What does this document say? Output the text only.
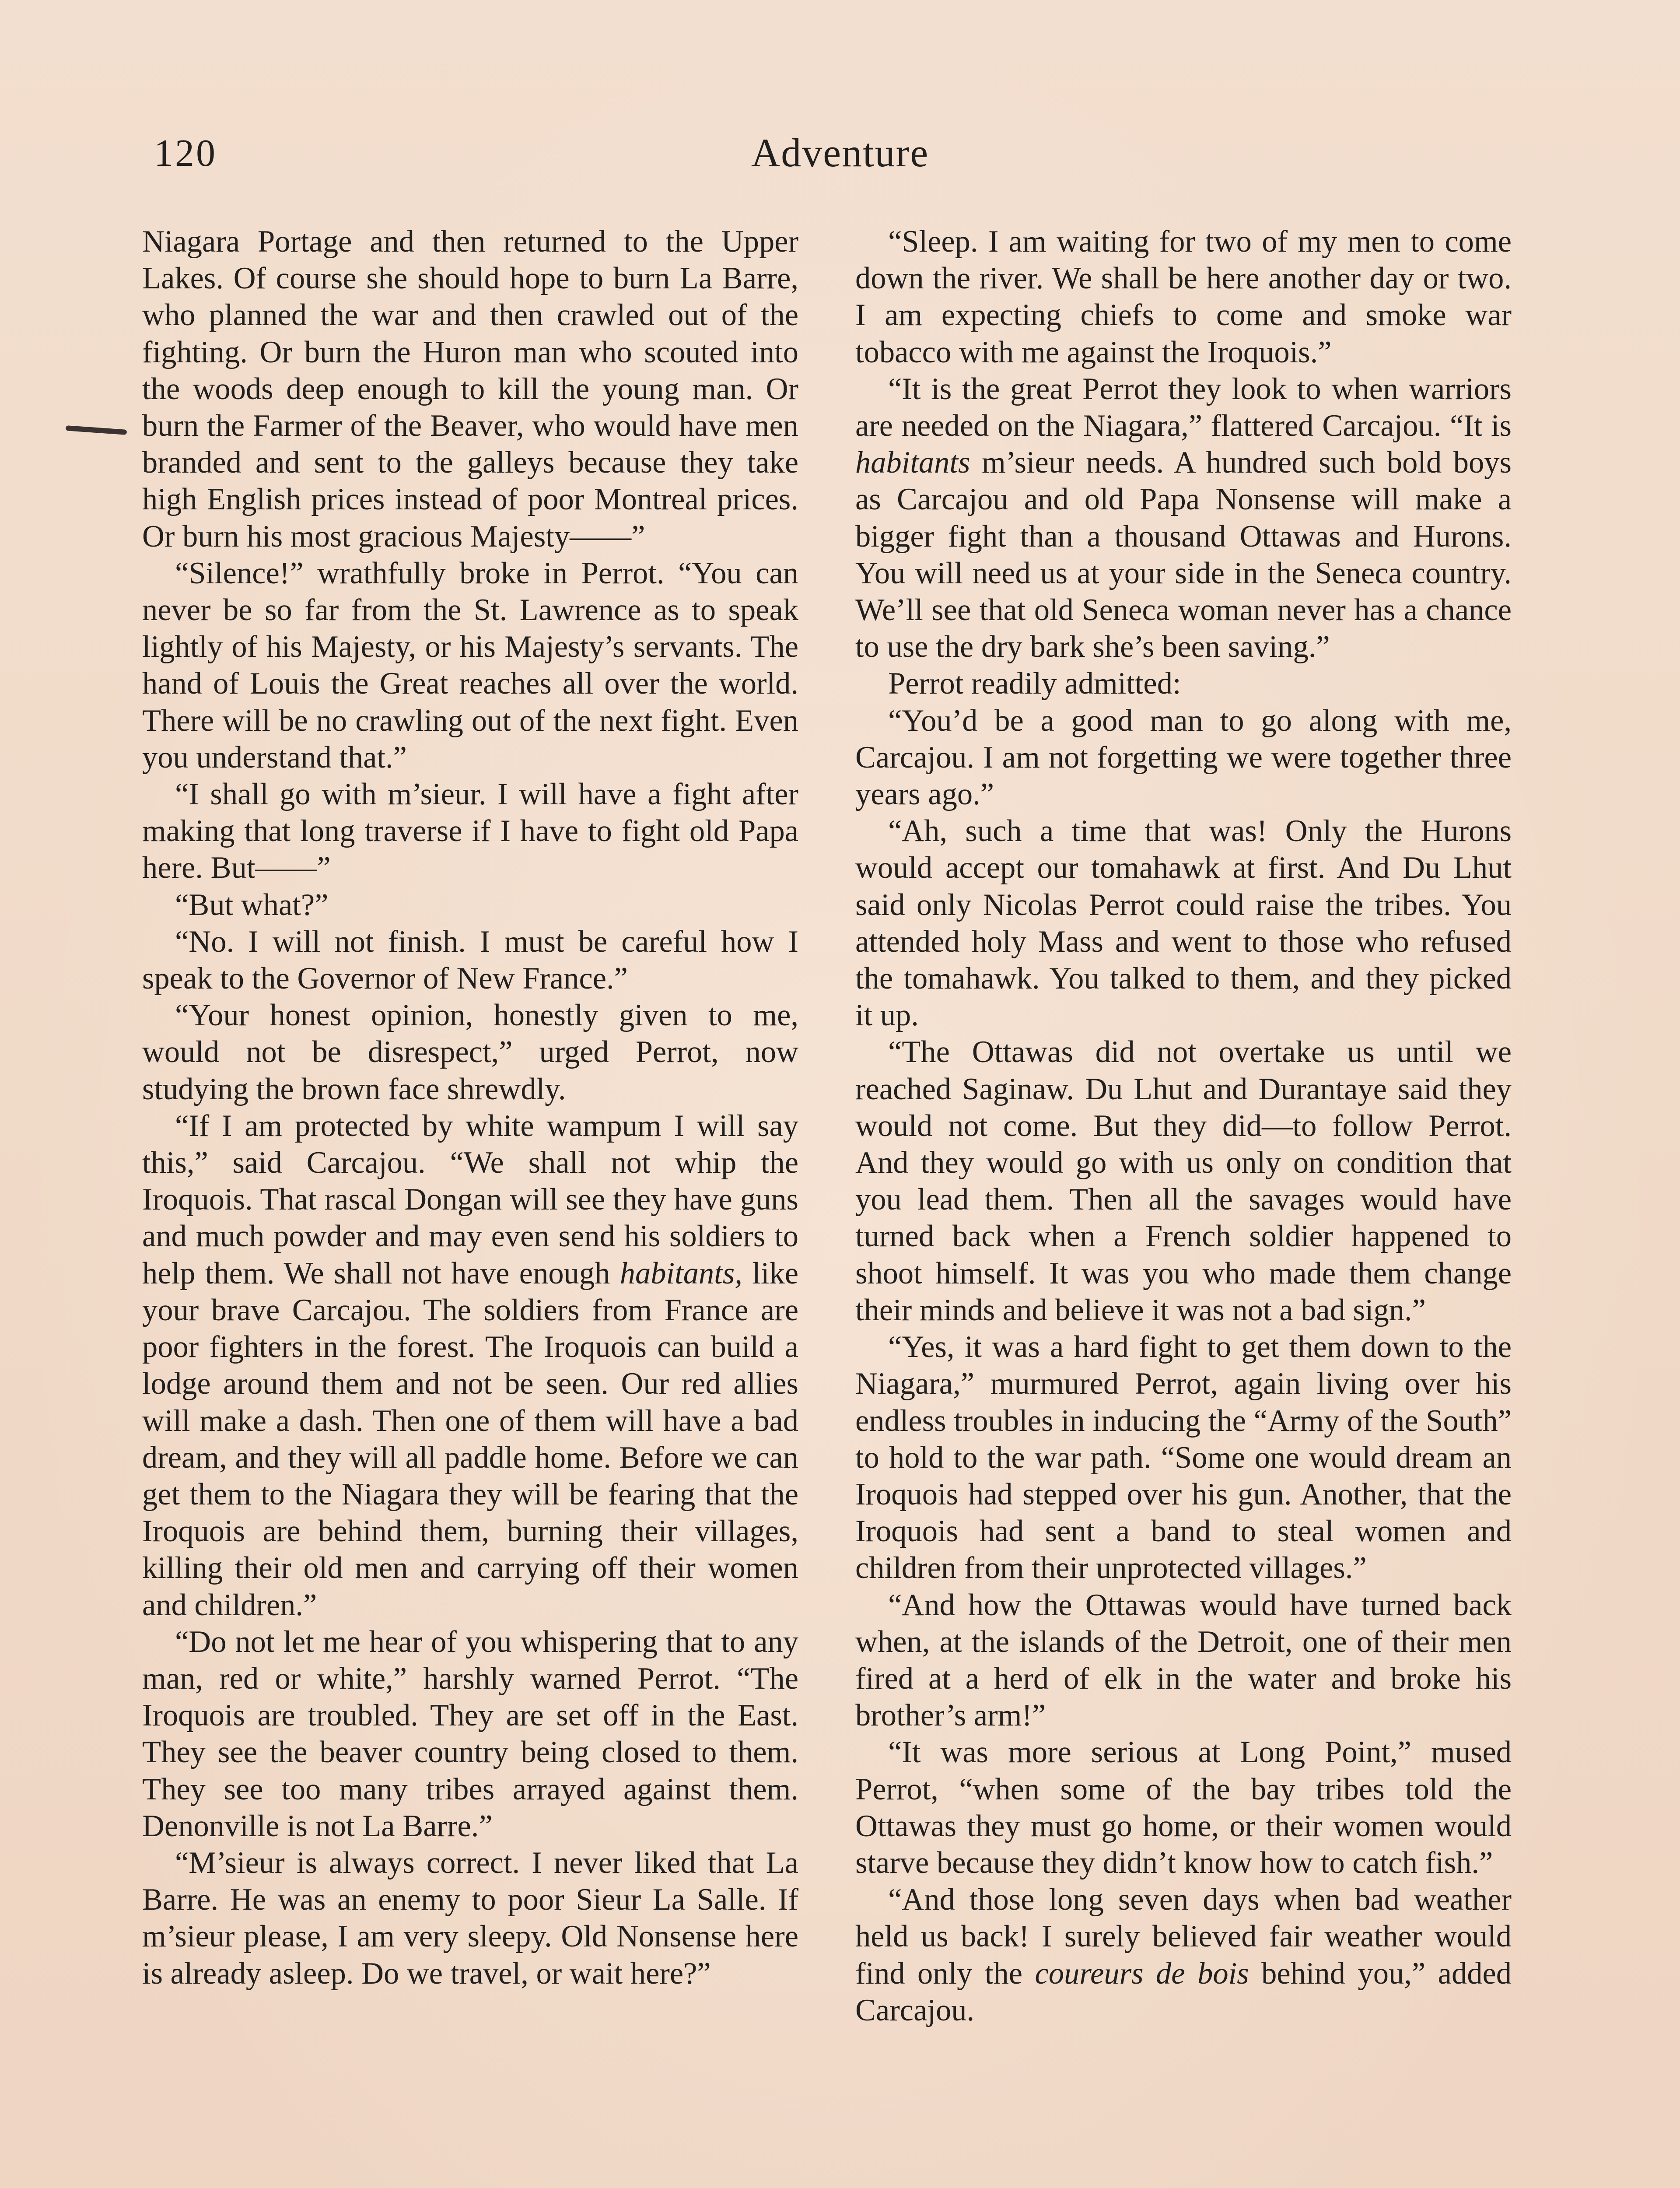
120	Adventure

Niagara Portage and then returned to the Upper Lakes. Of course she should hope to burn La Barre, who planned the war and then crawled out of the fighting. Or burn the Huron man who scouted into the woods deep enough to kill the young man. Or burn the Farmer of the Beaver, who would have men branded and sent to the galleys because they take high English prices instead of poor Montreal prices. Or burn his most gracious Majesty——”

“Silence!” wrathfully broke in Perrot. “You can never be so far from the St. Lawrence as to speak lightly of his Majesty, or his Majesty’s servants. The hand of Louis the Great reaches all over the world. There will be no crawling out of the next fight. Even you understand that.”

“I shall go with m’sieur. I will have a fight after making that long traverse if I have to fight old Papa here. But——”

“But what?”

“No. I will not finish. I must be careful how I speak to the Governor of New France.”

“Your honest opinion, honestly given to me, would not be disrespect,” urged Perrot, now studying the brown face shrewdly.

“If I am protected by white wampum I will say this,” said Carcajou. “We shall not whip the Iroquois. That rascal Dongan will see they have guns and much powder and may even send his soldiers to help them. We shall not have enough habitants, like your brave Carcajou. The soldiers from France are poor fighters in the forest. The Iroquois can build a lodge around them and not be seen. Our red allies will make a dash. Then one of them will have a bad dream, and they will all paddle home. Before we can get them to the Niagara they will be fearing that the Iroquois are behind them, burning their villages, killing their old men and carrying off their women and children.”

“Do not let me hear of you whispering that to any man, red or white,” harshly warned Perrot. “The Iroquois are troubled. They are set off in the East. They see the beaver country being closed to them. They see too many tribes arrayed against them. Denonville is not La Barre.”

“M’sieur is always correct. I never liked that La Barre. He was an enemy to poor Sieur La Salle. If m’sieur please, I am very sleepy. Old Nonsense here is already asleep. Do we travel, or wait here?”

“Sleep. I am waiting for two of my men to come down the river. We shall be here another day or two. I am expecting chiefs to come and smoke war tobacco with me against the Iroquois.”

“It is the great Perrot they look to when warriors are needed on the Niagara,” flattered Carcajou. “It is habitants m’sieur needs. A hundred such bold boys as Carcajou and old Papa Nonsense will make a bigger fight than a thousand Ottawas and Hurons. You will need us at your side in the Seneca country. We’ll see that old Seneca woman never has a chance to use the dry bark she’s been saving.”

Perrot readily admitted:

“You’d be a good man to go along with me, Carcajou. I am not forgetting we were together three years ago.”

“Ah, such a time that was! Only the Hurons would accept our tomahawk at first. And Du Lhut said only Nicolas Perrot could raise the tribes. You attended holy Mass and went to those who refused the tomahawk. You talked to them, and they picked it up.

“The Ottawas did not overtake us until we reached Saginaw. Du Lhut and Durantaye said they would not come. But they did—to follow Perrot. And they would go with us only on condition that you lead them. Then all the savages would have turned back when a French soldier happened to shoot himself. It was you who made them change their minds and believe it was not a bad sign.”

“Yes, it was a hard fight to get them down to the Niagara,” murmured Perrot, again living over his endless troubles in inducing the “Army of the South” to hold to the war path. “Some one would dream an Iroquois had stepped over his gun. Another, that the Iroquois had sent a band to steal women and children from their unprotected villages.”

“And how the Ottawas would have turned back when, at the islands of the Detroit, one of their men fired at a herd of elk in the water and broke his brother’s arm!”

“It was more serious at Long Point,” mused Perrot, “when some of the bay tribes told the Ottawas they must go home, or their women would starve because they didn’t know how to catch fish.”

“And those long seven days when bad weather held us back! I surely believed fair weather would find only the coureurs de bois behind you,” added Carcajou.
